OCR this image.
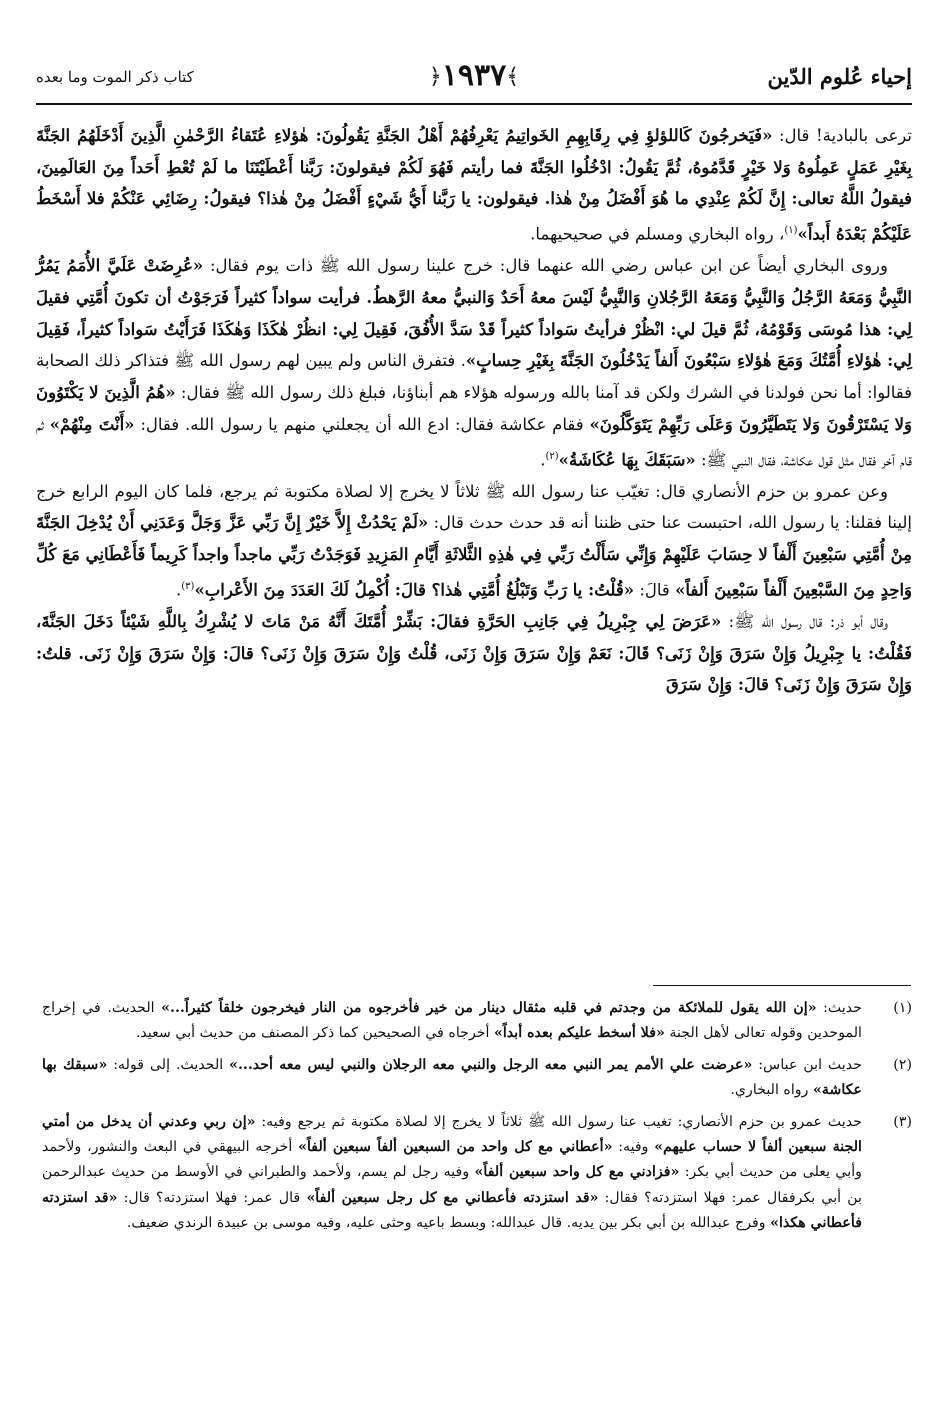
إحياء عُلوم الدّين
﴾١٩٣٧﴿
كتاب ذكر الموت وما بعده

ترعى بالبادية! قال: «فَيَخرجُونَ كَاللؤلؤِ فِي رِقَابِهِمِ الخَواتِيمُ يَعْرِفُهُمْ أَهْلُ الجَنَّةِ يَقُولُونَ: هٰؤلاءِ عُتَقاءُ الرَّحْمٰنِ الَّذِينَ أَدْخَلَهُمُ الجَنَّةَ بِغَيْرِ عَمَلٍ عَمِلُوهُ وَلا خَيْرٍ قَدَّمُوهُ، ثُمَّ يَقُولُ: ادْخُلُوا الجَنَّةَ فما رأيتم فَهُوَ لَكُمْ فيقولونَ: رَبَّنا أَعْطَيْتَنَا ما لَمْ تُعْطِ أَحَداً مِنَ العَالَمِينَ، فيقولُ اللَّهُ تعالى: إِنَّ لَكُمْ عِنْدِي ما هُوَ أَفْضَلُ مِنْ هٰذا. فيقولون: يا رَبَّنا أَيُّ شَيْءٍ أَفْضَلُ مِنْ هٰذا؟ فيقولُ: رِضَائِي عَنْكُمْ فلا أَسْخَطُ عَلَيْكُمْ بَعْدَهُ أَبداً»$^{(١)}$، رواه البخاري ومسلم في صحيحيهما.

وروى البخاري أيضاً عن ابن عباس رضي الله عنهما قال: خرج علينا رسول الله ﷺ ذات يوم فقال: «عُرِضَتْ عَلَيَّ الأُمَمُ يَمُرُّ النَّبِيُّ وَمَعَهُ الرَّجُلُ وَالنَّبِيُّ وَمَعَهُ الرَّجُلانِ وَالنَّبِيُّ لَيْسَ معهُ أَحَدٌ وَالنبيُّ معهُ الرَّهطُ. فرأيت سواداً كثيراً فَرَجَوْتُ أن تكونَ أُمَّتِي فقيلَ لِي: هذا مُوسَى وَقَوْمُهُ، ثُمَّ قيلَ لي: انْظُرْ فرأيتُ سَواداً كثيراً قَدْ سَدَّ الأُفُقَ، فَقِيلَ لِي: انظُرْ هٰكَذَا وَهٰكَذَا فَرَأَيْتُ سَواداً كثيراً، فَقِيلَ لِي: هٰؤلاءِ أُمَّتُكَ وَمَعَ هٰؤلاءِ سَبْعُونَ أَلفاً يَدْخُلُونَ الجَنَّةَ بِغَيْرِ حِسابٍ». فتفرق الناس ولم يبين لهم رسول الله ﷺ فتذاكر ذلك الصحابة فقالوا: أما نحن فولدنا في الشرك ولكن قد آمنا بالله ورسوله هؤلاء هم أبناؤنا، فبلغ ذلك رسول الله ﷺ فقال: «هُمُ الَّذِينَ لا يَكْتَوُونَ وَلا يَسْتَرْقُونَ وَلا يَتَطَيَّرُونَ وَعَلَى رَبِّهِمْ يَتَوَكَّلُونَ» فقام عكاشة فقال: ادع الله أن يجعلني منهم يا رسول الله. فقال: «أَنْتَ مِنْهُمْ» ثم قام آخر فقال مثل قول عكاشة، فقال النبي ﷺ: «سَبَقَكَ بِهَا عُكَاشَةُ»$^{(٢)}$.

وعن عمرو بن حزم الأنصاري قال: تغيّب عنا رسول الله ﷺ ثلاثاً لا يخرج إلا لصلاة مكتوبة ثم يرجع، فلما كان اليوم الرابع خرج إلينا فقلنا: يا رسول الله، احتبست عنا حتى ظننا أنه قد حدث حدث قال: «لَمْ يَحْدُثْ إِلاَّ خَيْرٌ إِنَّ رَبِّي عَزَّ وَجَلَّ وَعَدَنِي أَنْ يُدْخِلَ الجَنَّةَ مِنْ أُمَّتِي سَبْعِينَ أَلْفاً لا حِسَابَ عَلَيْهِمْ وَإِنِّي سَأَلْتُ رَبِّي فِي هٰذِهِ الثَّلاثَةِ أَيَّامِ المَزِيدِ فَوَجَدْتُ رَبِّي ماجداً واجداً كَرِيماً فَأَعْطَانِي مَعَ كُلِّ وَاحِدٍ مِنَ السَّبْعِينَ أَلْفاً سَبْعِينَ أَلفاً» قالَ: «قُلْتُ: يا رَبِّ وَتَبْلُغُ أُمَّتِي هٰذا؟ قالَ: أُكْمِلُ لَكَ العَدَدَ مِنَ الأَعْرابِ»$^{(٣)}$.

وقال أبو ذر: قال رسول الله ﷺ: «عَرَضَ لِي جِبْرِيلُ فِي جَانِبِ الحَرَّةِ فقالَ: بَشِّرْ أُمَّتَكَ أَنَّهُ مَنْ مَاتَ لا يُشْرِكُ بِاللَّهِ شَيْئاً دَخَلَ الجَنَّةَ، فَقُلْتُ: يا جِبْرِيلُ وَإِنْ سَرَقَ وَإِنْ زَنَى؟ قَالَ: نَعَمْ وَإِنْ سَرَقَ وَإِنْ زَنَى، قُلْتُ وَإِنْ سَرَقَ وَإِنْ زَنَى؟ قالَ: وَإِنْ سَرَقَ وَإِنْ زَنَى. قلتُ: وَإِنْ سَرَقَ وَإِنْ زَنَى؟ قالَ: وَإِنْ سَرَقَ

(١)
حديث: «إن الله يقول للملائكة من وجدتم في قلبه مثقال دينار من خير فأخرجوه من النار فيخرجون خلقاً كثيراً...» الحديث. في إخراج الموحدين وقوله تعالى لأهل الجنة «فلا أسخط عليكم بعده أبداً» أخرجاه في الصحيحين كما ذكر المصنف من حديث أبي سعيد.
(٢)
حديث ابن عباس: «عرضت علي الأمم يمر النبي معه الرجل والنبي معه الرجلان والنبي ليس معه أحد...» الحديث. إلى قوله: «سبقك بها عكاشة» رواه البخاري.
(٣)
حديث عمرو بن حزم الأنصاري: تغيب عنا رسول الله ﷺ ثلاثاً لا يخرج إلا لصلاة مكتوبة ثم يرجع وفيه: «إن ربي وعدني أن يدخل من أمتي الجنة سبعين ألفاً لا حساب عليهم» وفيه: «أعطاني مع كل واحد من السبعين ألفاً سبعين ألفاً» أخرجه البيهقي في البعث والنشور، ولأحمد وأبي يعلى من حديث أبي بكر: «فزادني مع كل واحد سبعين ألفاً» وفيه رجل لم يسم، ولأحمد والطبراني في الأوسط من حديث عبدالرحمن بن أبي بكرفقال عمر: فهلا استزدته؟ فقال: «قد استزدته فأعطاني مع كل رجل سبعين ألفاً» قال عمر: فهلا استزدته؟ قال: «قد استزدته فأعطاني هكذا» وفرج عبدالله بن أبي بكر بين يديه. قال عبدالله: وبسط باعيه وحثى عليه، وفيه موسى بن عبيدة الرندي ضعيف.
